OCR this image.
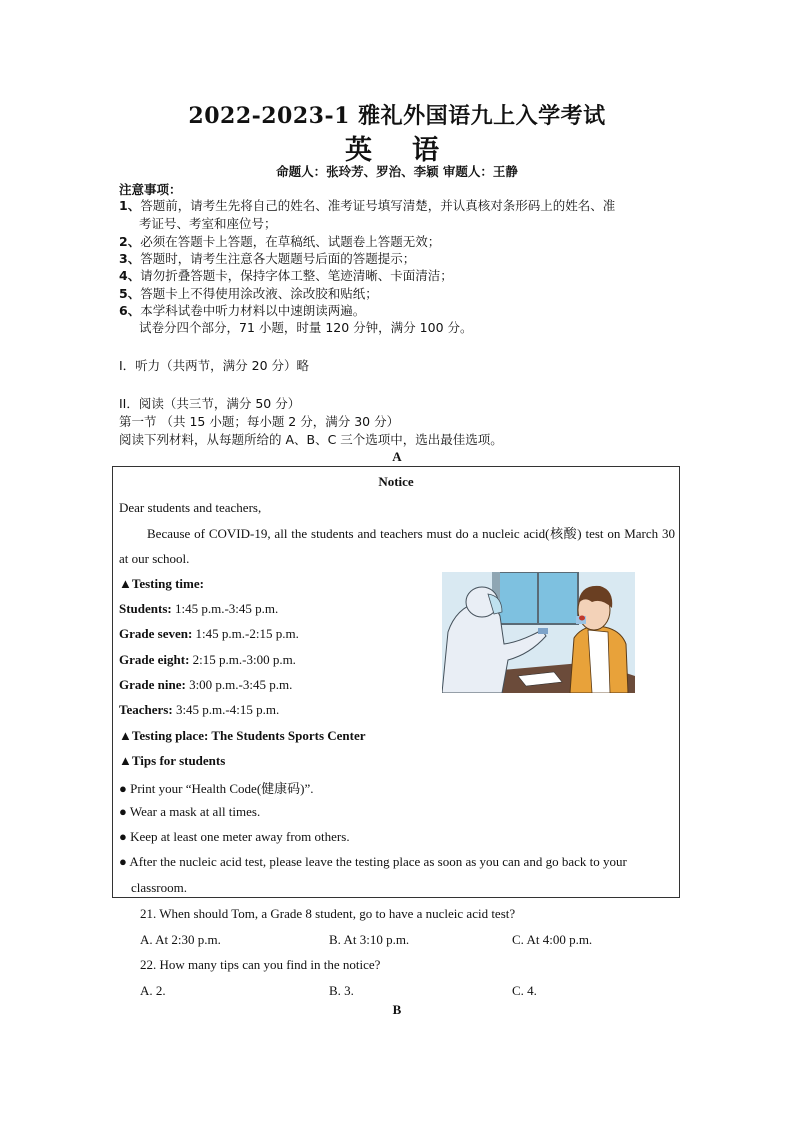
2022-2023-1 雅礼外国语九上入学考试
英语
命题人：张玲芳、罗治、李颖 审题人：王静
注意事项：
1、答题前，请考生先将自己的姓名、准考证号填写清楚，并认真核对条形码上的姓名、准
考证号、考室和座位号；
2、必须在答题卡上答题，在草稿纸、试题卷上答题无效；
3、答题时，请考生注意各大题题号后面的答题提示；
4、请勿折叠答题卡，保持字体工整、笔迹清晰、卡面清洁；
5、答题卡上不得使用涂改液、涂改胶和贴纸；
6、本学科试卷中听力材料以中速朗读两遍。
试卷分四个部分，71 小题，时量 120 分钟，满分 100 分。
I．听力（共两节，满分 20 分）略
II．阅读（共三节，满分 50 分）
第一节 （共 15 小题；每小题 2 分，满分 30 分）
阅读下列材料，从每题所给的 A、B、C 三个选项中，选出最佳选项。
A
Notice
Dear students and teachers,
Because of COVID-19, all the students and teachers must do a nucleic acid(核酸) test on March 30 at our school.
▲Testing time:
Students: 1:45 p.m.-3:45 p.m.
Grade seven: 1:45 p.m.-2:15 p.m.
Grade eight: 2:15 p.m.-3:00 p.m.
Grade nine: 3:00 p.m.-3:45 p.m.
Teachers: 3:45 p.m.-4:15 p.m.
▲Testing place: The Students Sports Center
▲Tips for students
● Print your “Health Code(健康码)”.
● Wear a mask at all times.
● Keep at least one meter away from others.
● After the nucleic acid test, please leave the testing place as soon as you can and go back to your
classroom.
21. When should Tom, a Grade 8 student, go to have a nucleic acid test?
A. At 2:30 p.m.	B. At 3:10 p.m.	C. At 4:00 p.m.
22. How many tips can you find in the notice?
A. 2.	B. 3.	C. 4.
B
